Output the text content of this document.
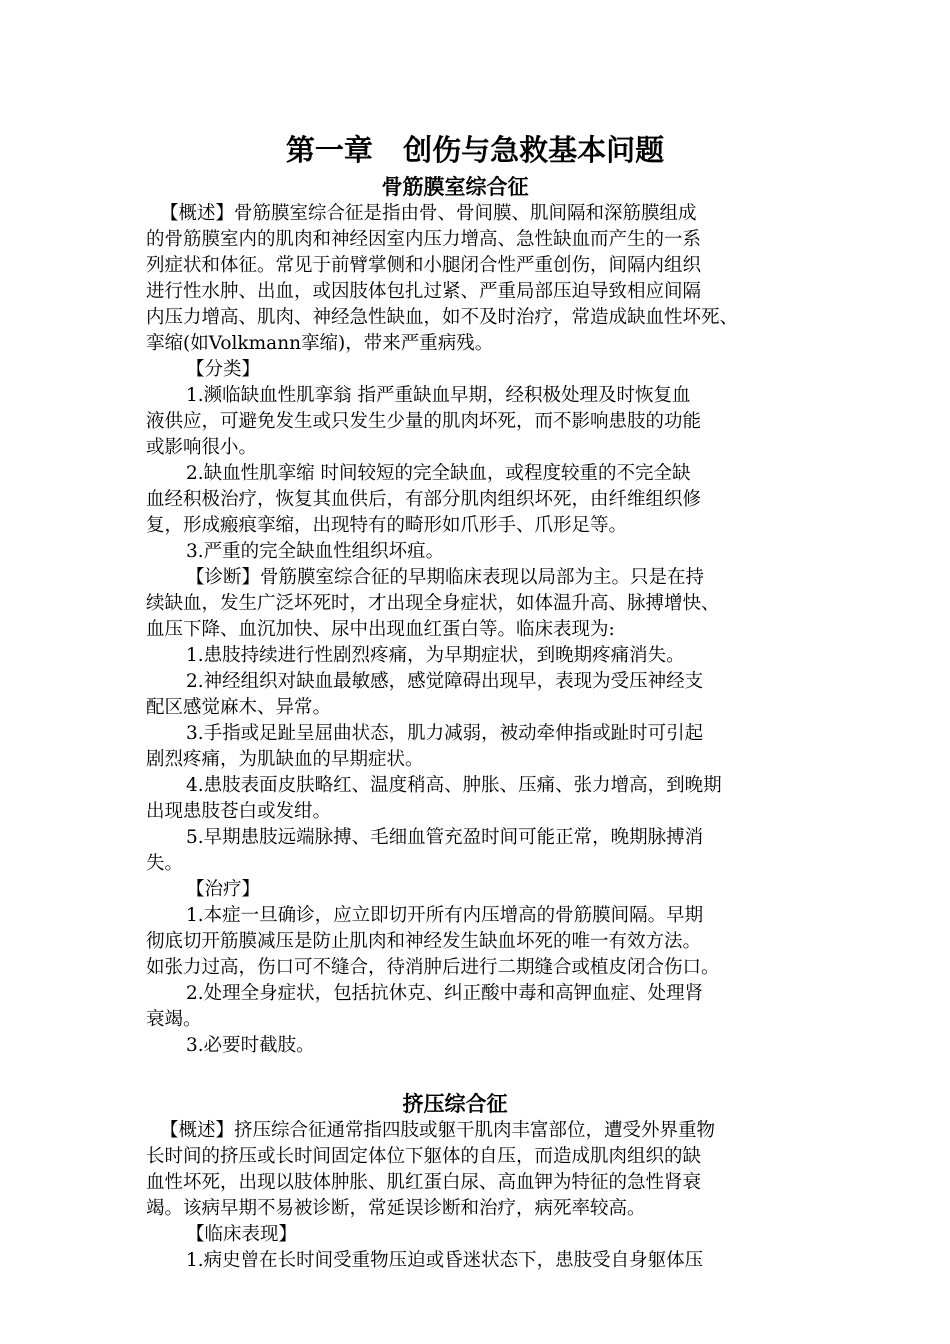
第一章   创伤与急救基本问题
骨筋膜室综合征
【概述】骨筋膜室综合征是指由骨、骨间膜、肌间隔和深筋膜组成
的骨筋膜室内的肌肉和神经因室内压力增高、急性缺血而产生的一系
列症状和体征。常见于前臂掌侧和小腿闭合性严重创伤，间隔内组织
进行性水肿、出血，或因肢体包扎过紧、严重局部压迫导致相应间隔
内压力增高、肌肉、神经急性缺血，如不及时治疗，常造成缺血性坏死、
挛缩(如Volkmann挛缩)，带来严重病残。
【分类】
1.濒临缺血性肌挛翁 指严重缺血早期，经积极处理及时恢复血
液供应，可避免发生或只发生少量的肌肉坏死，而不影响患肢的功能
或影响很小。
2.缺血性肌挛缩 时间较短的完全缺血，或程度较重的不完全缺
血经积极治疗，恢复其血供后，有部分肌肉组织坏死，由纤维组织修
复，形成瘢痕挛缩，出现特有的畸形如爪形手、爪形足等。
3.严重的完全缺血性组织坏疽。
【诊断】骨筋膜室综合征的早期临床表现以局部为主。只是在持
续缺血，发生广泛坏死时，才出现全身症状，如体温升高、脉搏增快、
血压下降、血沉加快、尿中出现血红蛋白等。临床表现为:
1.患肢持续进行性剧烈疼痛，为早期症状，到晚期疼痛消失。
2.神经组织对缺血最敏感，感觉障碍出现早，表现为受压神经支
配区感觉麻木、异常。
3.手指或足趾呈屈曲状态，肌力减弱，被动牵伸指或趾时可引起
剧烈疼痛，为肌缺血的早期症状。
4.患肢表面皮肤略红、温度稍高、肿胀、压痛、张力增高，到晚期
出现患肢苍白或发绀。
5.早期患肢远端脉搏、毛细血管充盈时间可能正常，晚期脉搏消
失。
【治疗】
1.本症一旦确诊，应立即切开所有内压增高的骨筋膜间隔。早期
彻底切开筋膜减压是防止肌肉和神经发生缺血坏死的唯一有效方法。
如张力过高，伤口可不缝合，待消肿后进行二期缝合或植皮闭合伤口。
2.处理全身症状，包括抗休克、纠正酸中毒和高钾血症、处理肾
衰竭。
3.必要时截肢。
挤压综合征
【概述】挤压综合征通常指四肢或躯干肌肉丰富部位，遭受外界重物
长时间的挤压或长时间固定体位下躯体的自压，而造成肌肉组织的缺
血性坏死，出现以肢体肿胀、肌红蛋白尿、高血钾为特征的急性肾衰
竭。该病早期不易被诊断，常延误诊断和治疗，病死率较高。
【临床表现】
1.病史曾在长时间受重物压迫或昏迷状态下，患肢受自身躯体压
